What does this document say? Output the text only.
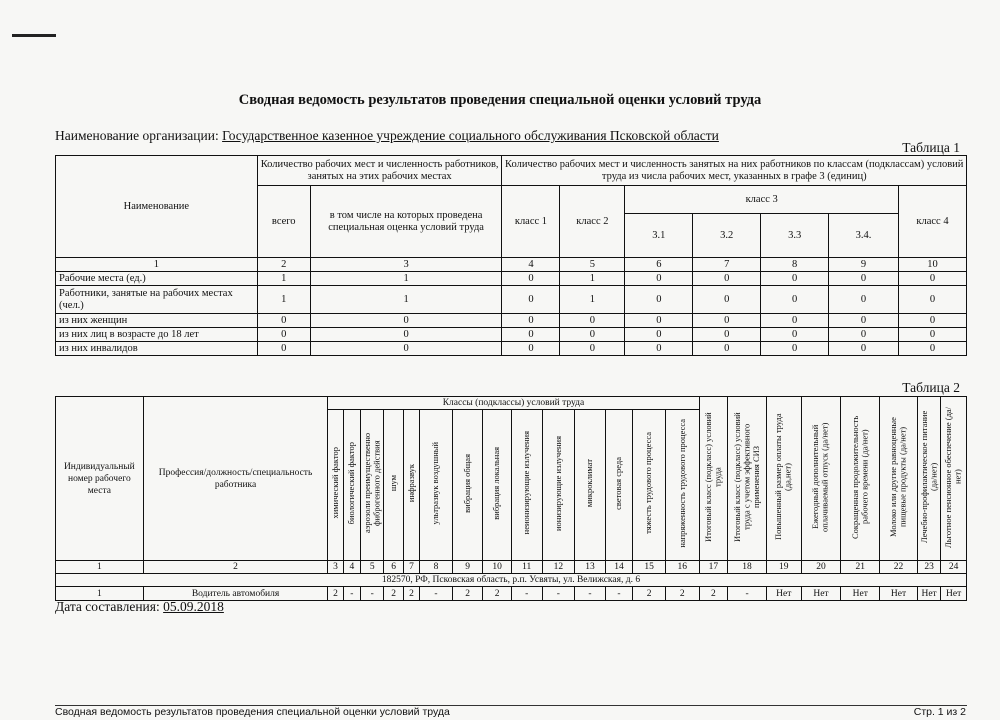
Сводная ведомость результатов проведения специальной оценки условий труда
Наименование организации: Государственное казенное учреждение социального обслуживания Псковской области
Таблица 1
Наименование	Количество рабочих мест и численность работников, занятых на этих рабочих местах		Количество рабочих мест и численность занятых на них работников по классам (подклассам) условий труда из числа рабочих мест, указанных в графе 3 (единиц)						
	всего	в том числе на которых проведена специальная оценка условий труда	класс 1	класс 2	класс 3				класс 4
					3.1	3.2	3.3	3.4.	
1	2	3	4	5	6	7	8	9	10
Рабочие места (ед.)	1	1	0	1	0	0	0	0	0
Работники, занятые на рабочих местах (чел.)	1	1	0	1	0	0	0	0	0
из них женщин	0	0	0	0	0	0	0	0	0
из них лиц в возрасте до 18 лет	0	0	0	0	0	0	0	0	0
из них инвалидов	0	0	0	0	0	0	0	0	0
Таблица 2
Индивидуальный номер рабочего места	Профессия/должность/специальность работника	Классы (подклассы) условий труда														Итоговый класс (подкласс) условий труда	Итоговый класс (подкласс) условий труда с учетом эффективного применения СИЗ	Повышенный размер оплаты труда (да,нет)	Ежегодный дополнительный оплачиваемый отпуск (да/нет)	Сокращенная продолжительность рабочего времени (да/нет)	Молоко или другие равноценные пищевые продукты (да/нет)	Лечебно-профилактическое питание (да/нет)	Льготное пенсионное обеспечение (да/нет)
		химический фактор	биологический фактор	аэрозоли преимущественно фиброгенного действия	шум	инфразвук	ультразвук воздушный	вибрация общая	вибрация локальная	неионизирующие излучения	ионизирующие излучения	микроклимат	световая среда	тяжесть трудового процесса	напряженность трудового процесса								
1	2	3	4	5	6	7	8	9	10	11	12	13	14	15	16	17	18	19	20	21	22	23	24
182570, РФ, Псковская область, р.п. Усвяты, ул. Велижская, д. 6																							
1	Водитель автомобиля	2	-	-	2	2	-	2	2	-	-	-	-	2	2	2	-	Нет	Нет	Нет	Нет	Нет	Нет
Дата составления: 05.09.2018
Сводная ведомость результатов проведения специальной оценки условий труда	Стр. 1 из 2
